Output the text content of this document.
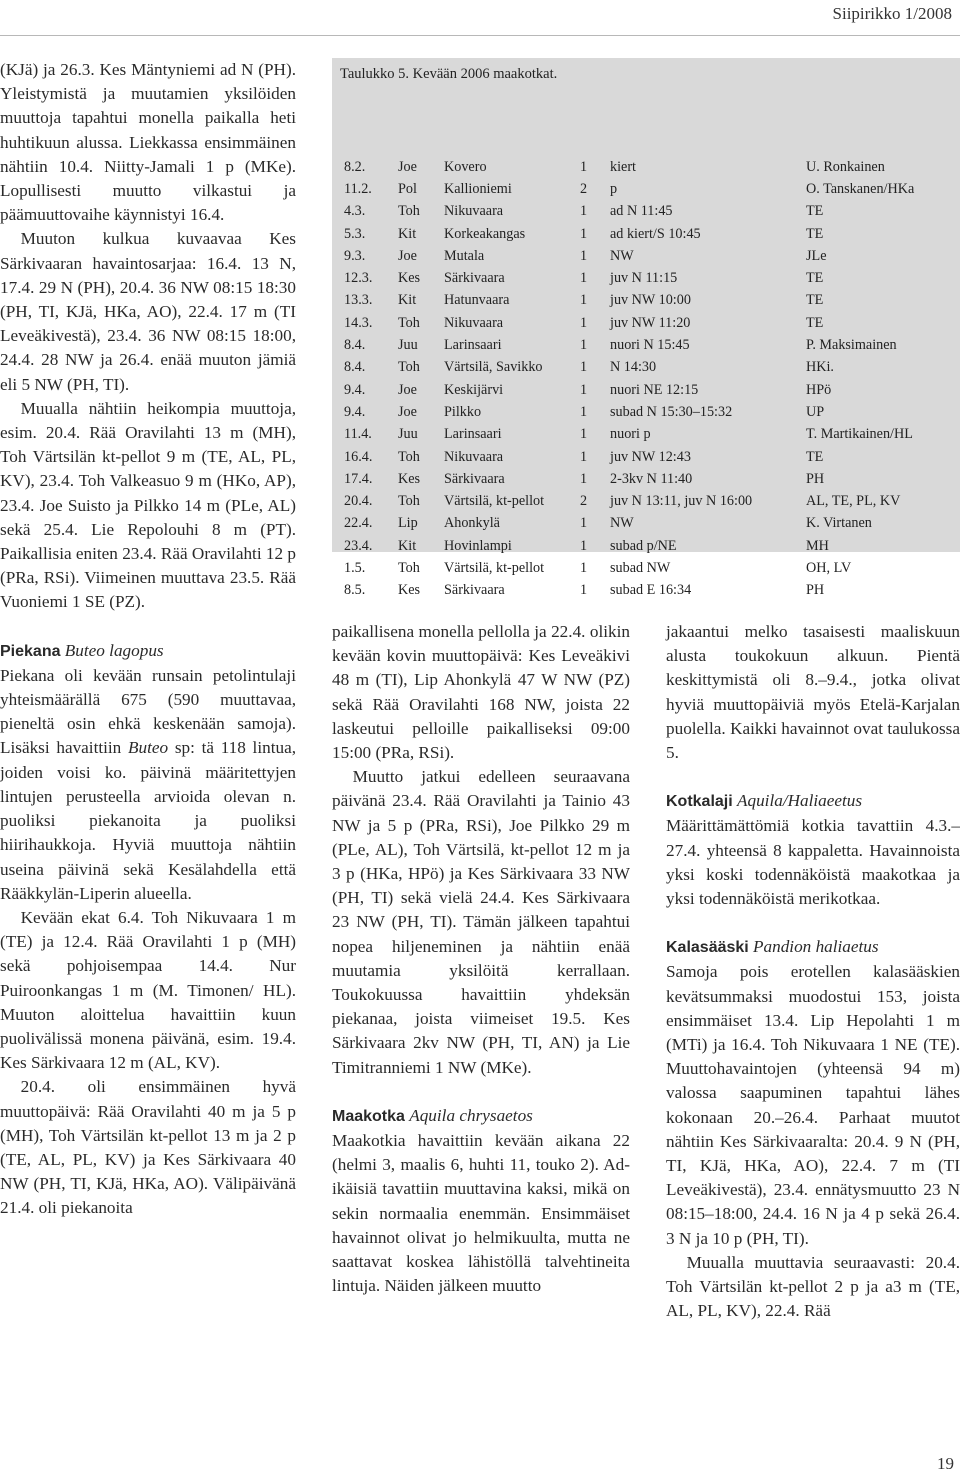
Siipirikko 1/2008

(KJä) ja 26.3. Kes Mäntyniemi ad N (PH). Yleistymistä ja muutamien yksilöiden muuttoja tapahtui monella paikalla heti huhtikuun alussa. Liekkassa ensimmäinen nähtiin 10.4. Niitty-Jamali 1 p (MKe). Lopullisesti muutto vilkastui ja päämuuttovaihe käynnistyi 16.4.

Muuton kulkua kuvaavaa Kes Särkivaaran havaintosarjaa: 16.4. 13 N, 17.4. 29 N (PH), 20.4. 36 NW 08:15 18:30 (PH, TI, KJä, HKa, AO), 22.4. 17 m (TI Leveäkivestä), 23.4. 36 NW 08:15 18:00, 24.4. 28 NW ja 26.4. enää muuton jämiä eli 5 NW (PH, TI).

Muualla nähtiin heikompia muuttoja, esim. 20.4. Rää Oravilahti 13 m (MH), Toh Värtsilän kt-pellot 9 m (TE, AL, PL, KV), 23.4. Toh Valkeasuo 9 m (HKo, AP), 23.4. Joe Suisto ja Pilkko 14 m (PLe, AL) sekä 25.4. Lie Repolouhi 8 m (PT). Paikallisia eniten 23.4. Rää Oravilahti 12 p (PRa, RSi). Viimeinen muuttava 23.5. Rää Vuoniemi 1 SE (PZ).

Piekana Buteo lagopus

Piekana oli kevään runsain petolintulaji yhteismäärällä 675 (590 muuttavaa, pieneltä osin ehkä keskenään samoja). Lisäksi havaittiin Buteo sp: tä 118 lintua, joiden voisi ko. päivinä määritettyjen lintujen perusteella arvioida olevan n. puoliksi piekanoita ja puoliksi hiirihaukkoja. Hyviä muuttoja nähtiin useina päivinä sekä Kesälahdella että Rääkkylän-Liperin alueella.

Kevään ekat 6.4. Toh Nikuvaara 1 m (TE) ja 12.4. Rää Oravilahti 1 p (MH) sekä pohjoisempaa 14.4. Nur Puiroonkangas 1 m (M. Timonen/ HL). Muuton aloittelua havaittiin kuun puolivälissä monena päivänä, esim. 19.4. Kes Särkivaara 12 m (AL, KV).

20.4. oli ensimmäinen hyvä muuttopäivä: Rää Oravilahti 40 m ja 5 p (MH), Toh Värtsilän kt-pellot 13 m ja 2 p (TE, AL, PL, KV) ja Kes Särkivaara 40 NW (PH, TI, KJä, HKa, AO). Välipäivänä 21.4. oli piekanoita

Taulukko 5. Kevään 2006 maakotkat.
8.2.	Joe	Kovero	1	kiert	U. Ronkainen
11.2.	Pol	Kallioniemi	2	p	O. Tanskanen/HKa
4.3.	Toh	Nikuvaara	1	ad N 11:45	TE
5.3.	Kit	Korkeakangas	1	ad kiert/S 10:45	TE
9.3.	Joe	Mutala	1	NW	JLe
12.3.	Kes	Särkivaara	1	juv N 11:15	TE
13.3.	Kit	Hatunvaara	1	juv NW 10:00	TE
14.3.	Toh	Nikuvaara	1	juv NW 11:20	TE
8.4.	Juu	Larinsaari	1	nuori N 15:45	P. Maksimainen
8.4.	Toh	Värtsilä, Savikko	1	N 14:30	HKi.
9.4.	Joe	Keskijärvi	1	nuori NE 12:15	HPö
9.4.	Joe	Pilkko	1	subad N 15:30–15:32	UP
11.4.	Juu	Larinsaari	1	nuori p	T. Martikainen/HL
16.4.	Toh	Nikuvaara	1	juv NW 12:43	TE
17.4.	Kes	Särkivaara	1	2-3kv N 11:40	PH
20.4.	Toh	Värtsilä, kt-pellot	2	juv N 13:11, juv N 16:00	AL, TE, PL, KV
22.4.	Lip	Ahonkylä	1	NW	K. Virtanen
23.4.	Kit	Hovinlampi	1	subad p/NE	MH
1.5.	Toh	Värtsilä, kt-pellot	1	subad NW	OH, LV
8.5.	Kes	Särkivaara	1	subad E 16:34	PH

paikallisena monella pellolla ja 22.4. olikin kevään kovin muuttopäivä: Kes Leveäkivi 48 m (TI), Lip Ahonkylä 47 W NW (PZ) sekä Rää Oravilahti 168 NW, joista 22 laskeutui pelloille paikalliseksi 09:00 15:00 (PRa, RSi).

Muutto jatkui edelleen seuraavana päivänä 23.4. Rää Oravilahti ja Tainio 43 NW ja 5 p (PRa, RSi), Joe Pilkko 29 m (PLe, AL), Toh Värtsilä, kt-pellot 12 m ja 3 p (HKa, HPö) ja Kes Särkivaara 33 NW (PH, TI) sekä vielä 24.4. Kes Särkivaara 23 NW (PH, TI). Tämän jälkeen tapahtui nopea hiljeneminen ja nähtiin enää muutamia yksilöitä kerrallaan. Toukokuussa havaittiin yhdeksän piekanaa, joista viimeiset 19.5. Kes Särkivaara 2kv NW (PH, TI, AN) ja Lie Timitranniemi 1 NW (MKe).

Maakotka Aquila chrysaetos

Maakotkia havaittiin kevään aikana 22 (helmi 3, maalis 6, huhti 11, touko 2). Ad-ikäisiä tavattiin muuttavina kaksi, mikä on sekin normaalia enemmän. Ensimmäiset havainnot olivat jo helmikuulta, mutta ne saattavat koskea lähistöllä talvehtineita lintuja. Näiden jälkeen muutto

jakaantui melko tasaisesti maaliskuun alusta toukokuun alkuun. Pientä keskittymistä oli 8.–9.4., jotka olivat hyviä muuttopäiviä myös Etelä-Karjalan puolella. Kaikki havainnot ovat taulukossa 5.

Kotkalaji Aquila/Haliaeetus

Määrittämättömiä kotkia tavattiin 4.3.–27.4. yhteensä 8 kappaletta. Havainnoista yksi koski todennäköistä maakotkaa ja yksi todennäköistä merikotkaa.

Kalasääski Pandion haliaetus

Samoja pois erotellen kalasääskien kevätsummaksi muodostui 153, joista ensimmäiset 13.4. Lip Hepolahti 1 m (MTi) ja 16.4. Toh Nikuvaara 1 NE (TE). Muuttohavaintojen (yhteensä 94 m) valossa saapuminen tapahtui lähes kokonaan 20.–26.4. Parhaat muutot nähtiin Kes Särkivaaralta: 20.4. 9 N (PH, TI, KJä, HKa, AO), 22.4. 7 m (TI Leveäkivestä), 23.4. ennätysmuutto 23 N 08:15–18:00, 24.4. 16 N ja 4 p sekä 26.4. 3 N ja 10 p (PH, TI).

Muualla muuttavia seuraavasti: 20.4. Toh Värtsilän kt-pellot 2 p ja a3 m (TE, AL, PL, KV), 22.4. Rää

19
